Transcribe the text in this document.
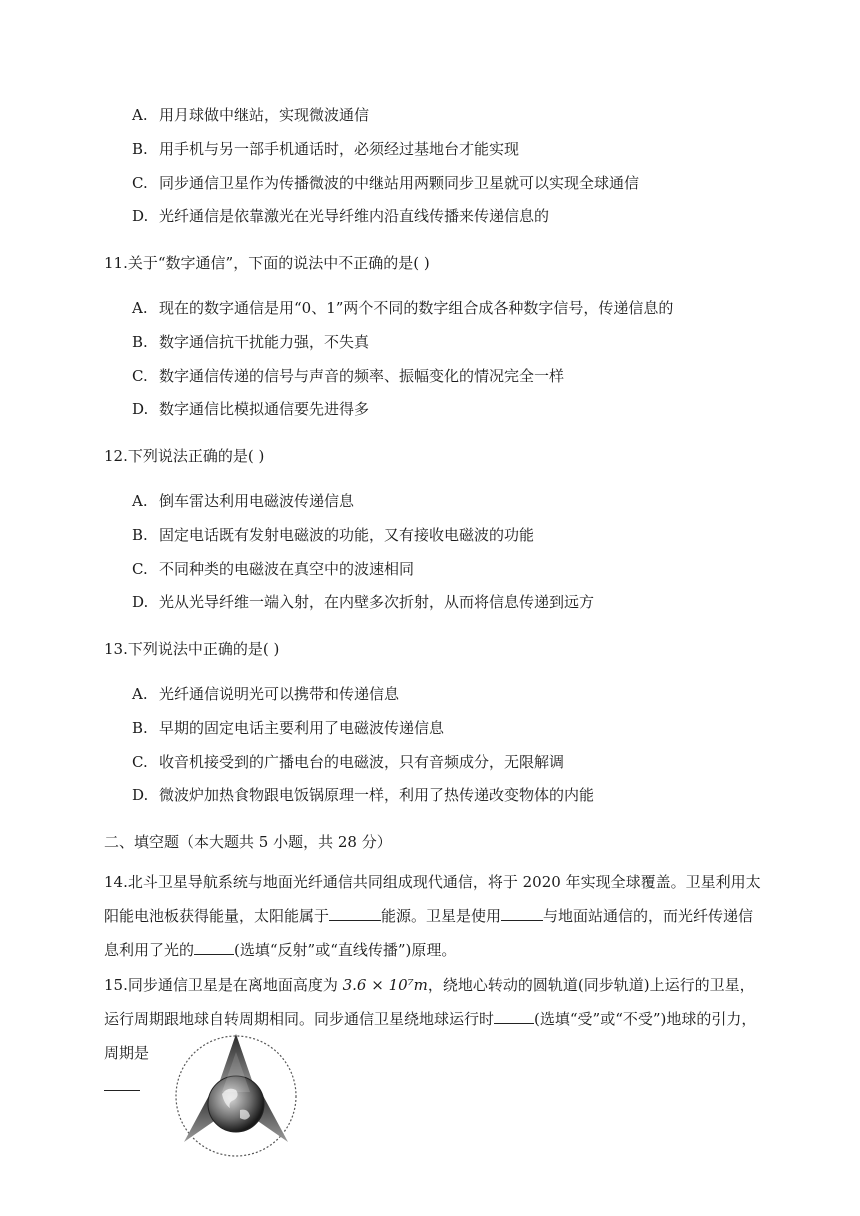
A. 用月球做中继站，实现微波通信
B. 用手机与另一部手机通话时，必须经过基地台才能实现
C. 同步通信卫星作为传播微波的中继站用两颗同步卫星就可以实现全球通信
D. 光纤通信是依靠激光在光导纤维内沿直线传播来传递信息的
11.关于“数字通信”，下面的说法中不正确的是( )
A. 现在的数字通信是用“0、1”两个不同的数字组合成各种数字信号，传递信息的
B. 数字通信抗干扰能力强，不失真
C. 数字通信传递的信号与声音的频率、振幅变化的情况完全一样
D. 数字通信比模拟通信要先进得多
12.下列说法正确的是( )
A. 倒车雷达利用电磁波传递信息
B. 固定电话既有发射电磁波的功能，又有接收电磁波的功能
C. 不同种类的电磁波在真空中的波速相同
D. 光从光导纤维一端入射，在内壁多次折射，从而将信息传递到远方
13.下列说法中正确的是( )
A. 光纤通信说明光可以携带和传递信息
B. 早期的固定电话主要利用了电磁波传递信息
C. 收音机接受到的广播电台的电磁波，只有音频成分，无限解调
D. 微波炉加热食物跟电饭锅原理一样，利用了热传递改变物体的内能
二、填空题（本大题共 5 小题，共 28 分）
14.北斗卫星导航系统与地面光纤通信共同组成现代通信，将于 2020 年实现全球覆盖。卫星利用太阳能电池板获得能量，太阳能属于	能源。卫星是使用	与地面站通信的，而光纤传递信息利用了光的	(选填“反射”或“直线传播”)原理。
15.同步通信卫星是在离地面高度为 3.6 × 10⁷m，绕地心转动的圆轨道(同步轨道)上运行的卫星，运行周期跟地球自转周期相同。同步通信卫星绕地球运行时	(选填“受”或“不受”)地球的引力，
周期是
